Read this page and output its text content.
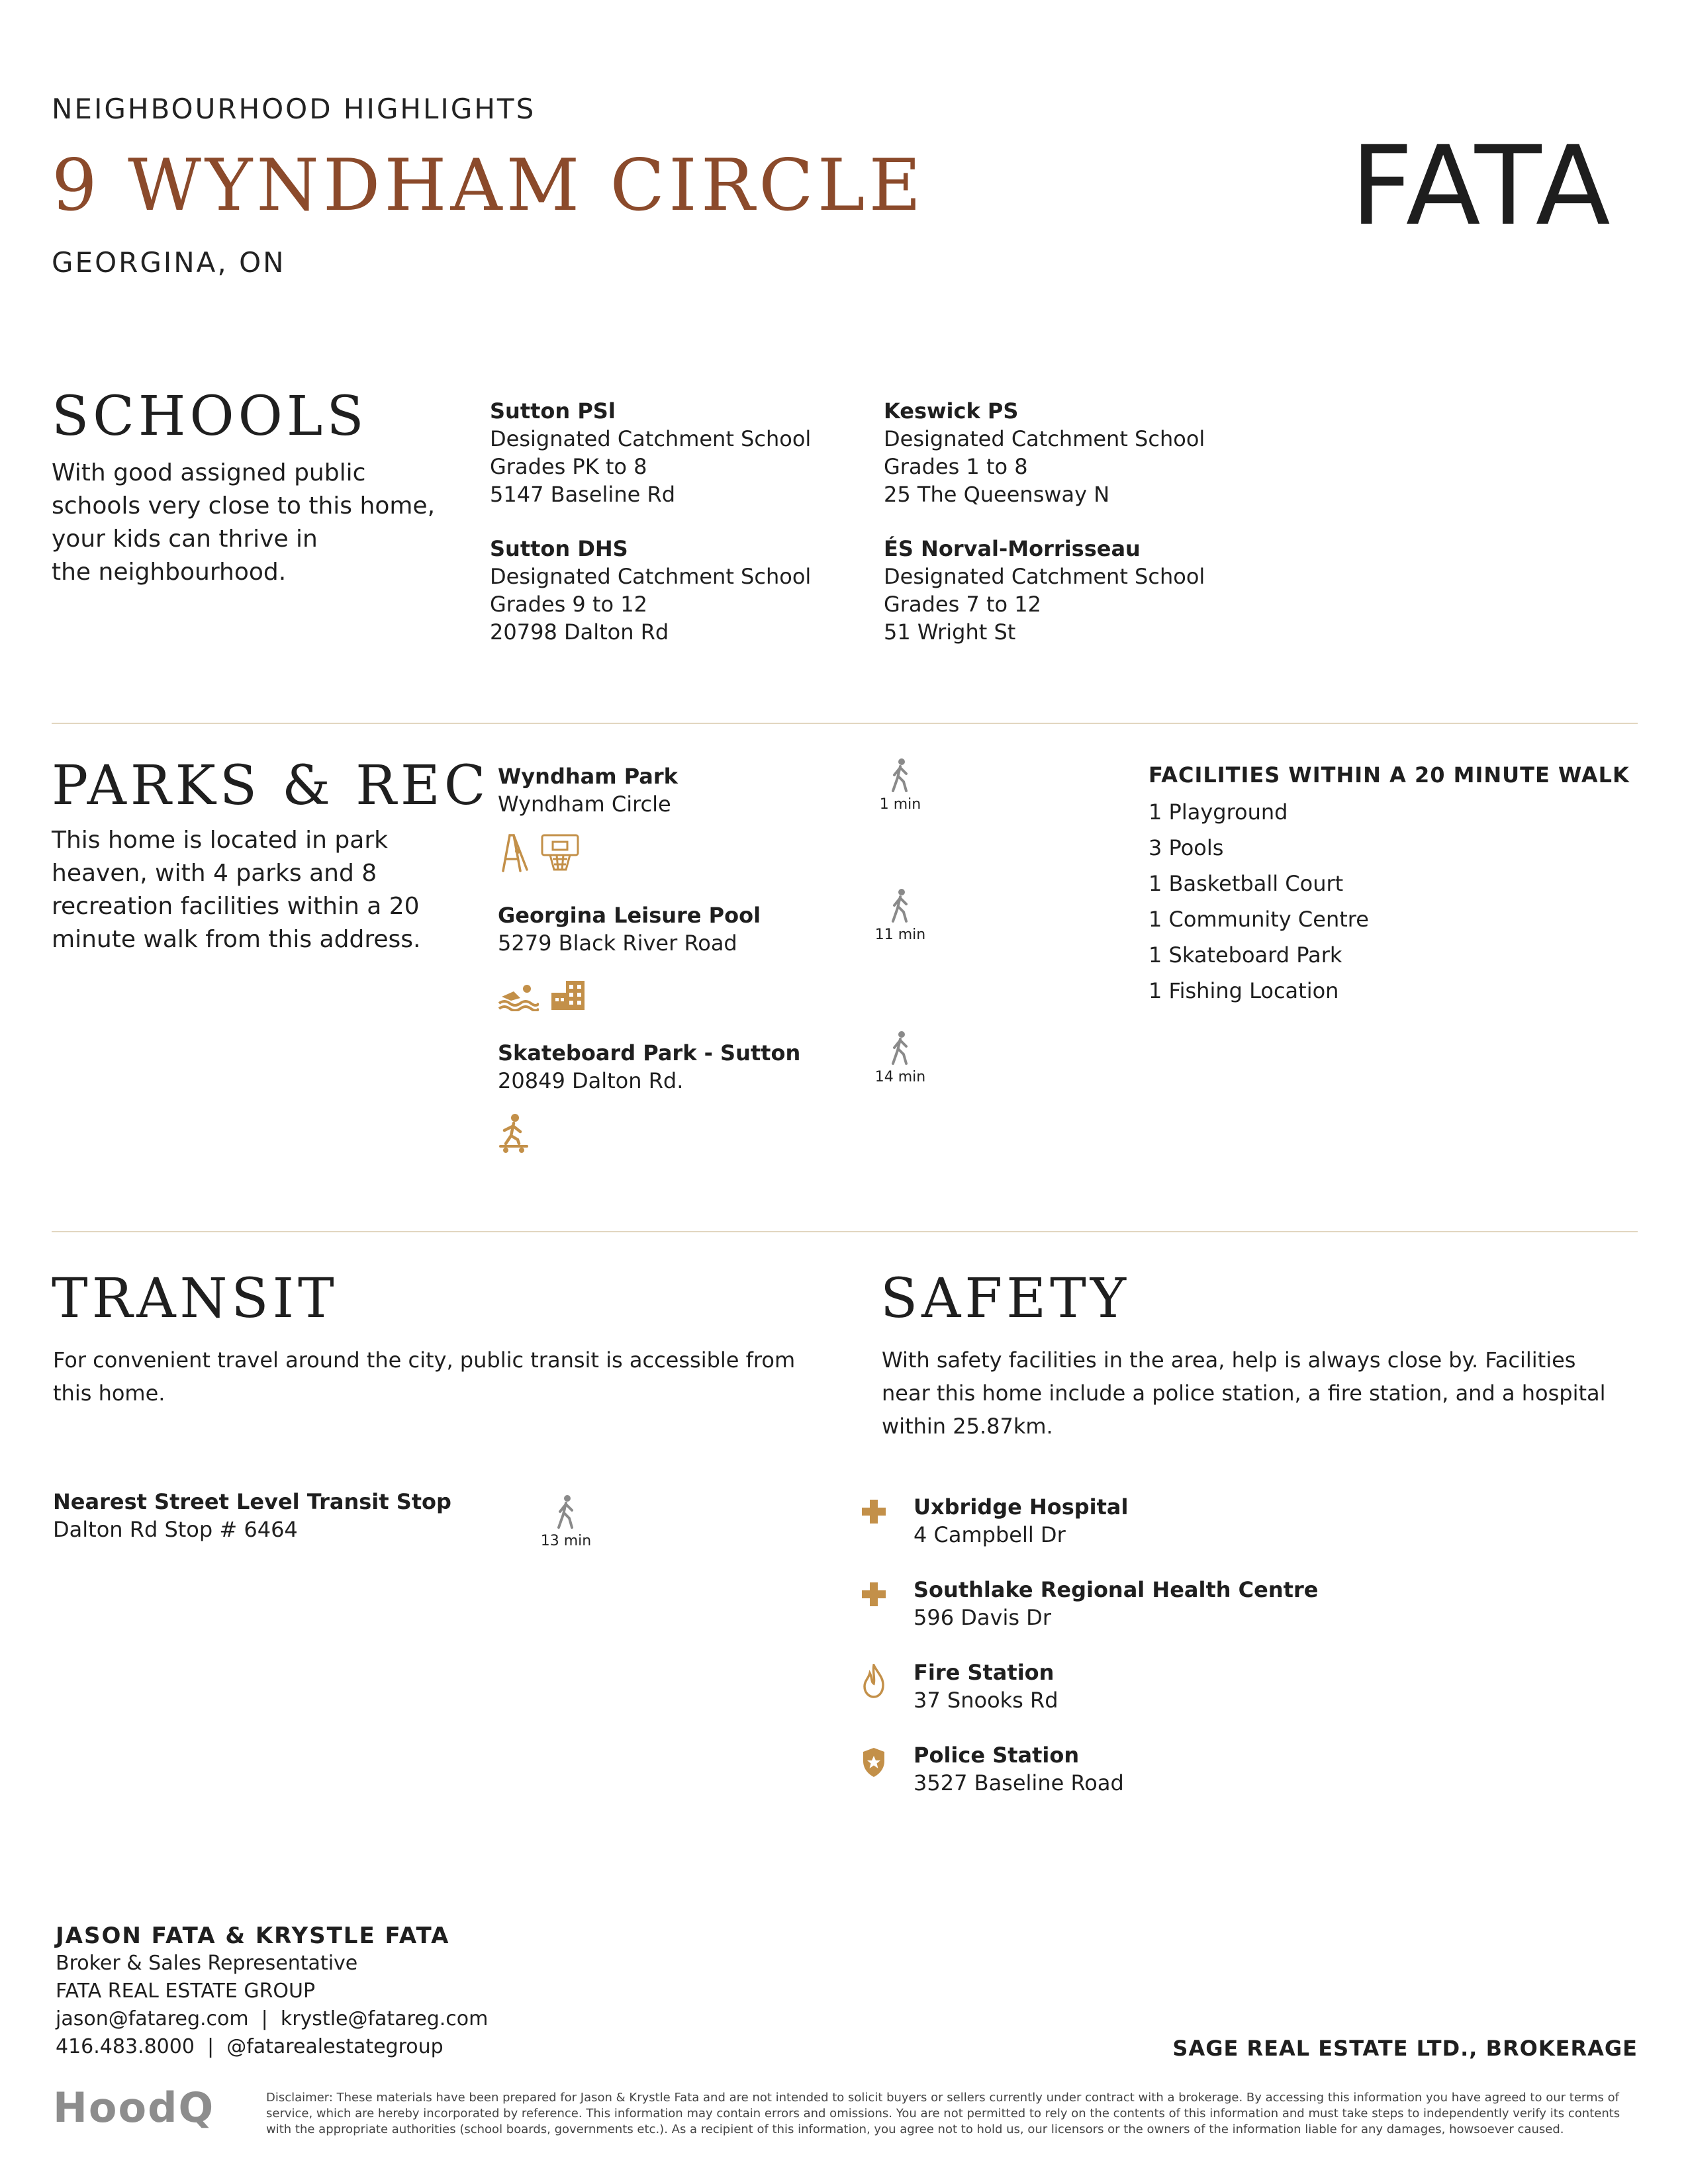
NEIGHBOURHOOD HIGHLIGHTS
9 WYNDHAM CIRCLE
GEORGINA, ON
FATA
SCHOOLS
With good assigned public
schools very close to this home,
your kids can thrive in
the neighbourhood.
Sutton PSl
Designated Catchment School
Grades PK to 8
5147 Baseline Rd
Keswick PS
Designated Catchment School
Grades 1 to 8
25 The Queensway N
Sutton DHS
Designated Catchment School
Grades 9 to 12
20798 Dalton Rd
ÉS Norval-Morrisseau
Designated Catchment School
Grades 7 to 12
51 Wright St
PARKS & REC
This home is located in park
heaven, with 4 parks and 8
recreation facilities within a 20
minute walk from this address.
Wyndham Park
Wyndham Circle
	1 min
Georgina Leisure Pool
5279 Black River Road
	11 min
Skateboard Park - Sutton
20849 Dalton Rd.	14 min
FACILITIES WITHIN A 20 MINUTE WALK
1 Playground
3 Pools
1 Basketball Court
1 Community Centre
1 Skateboard Park
1 Fishing Location
TRANSIT
For convenient travel around the city, public transit is accessible from
this home.
Nearest Street Level Transit Stop
Dalton Rd Stop # 6464	13 min
SAFETY
With safety facilities in the area, help is always close by. Facilities
near this home include a police station, a fire station, and a hospital
within 25.87km.
Uxbridge Hospital
4 Campbell Dr
Southlake Regional Health Centre
596 Davis Dr
Fire Station
37 Snooks Rd
Police Station
3527 Baseline Road
JASON FATA & KRYSTLE FATA
Broker & Sales Representative
FATA REAL ESTATE GROUP
jason@fatareg.com  |  krystle@fatareg.com
416.483.8000  |  @fatarealestategroup	SAGE REAL ESTATE LTD., BROKERAGE
HoodQ	Disclaimer: These materials have been prepared for Jason & Krystle Fata and are not intended to solicit buyers or sellers currently under contract with a brokerage. By accessing this information you have agreed to our terms of service, which are hereby incorporated by reference. This information may contain errors and omissions. You are not permitted to rely on the contents of this information and must take steps to independently verify its contents with the appropriate authorities (school boards, governments etc.). As a recipient of this information, you agree not to hold us, our licensors or the owners of the information liable for any damages, howsoever caused.
